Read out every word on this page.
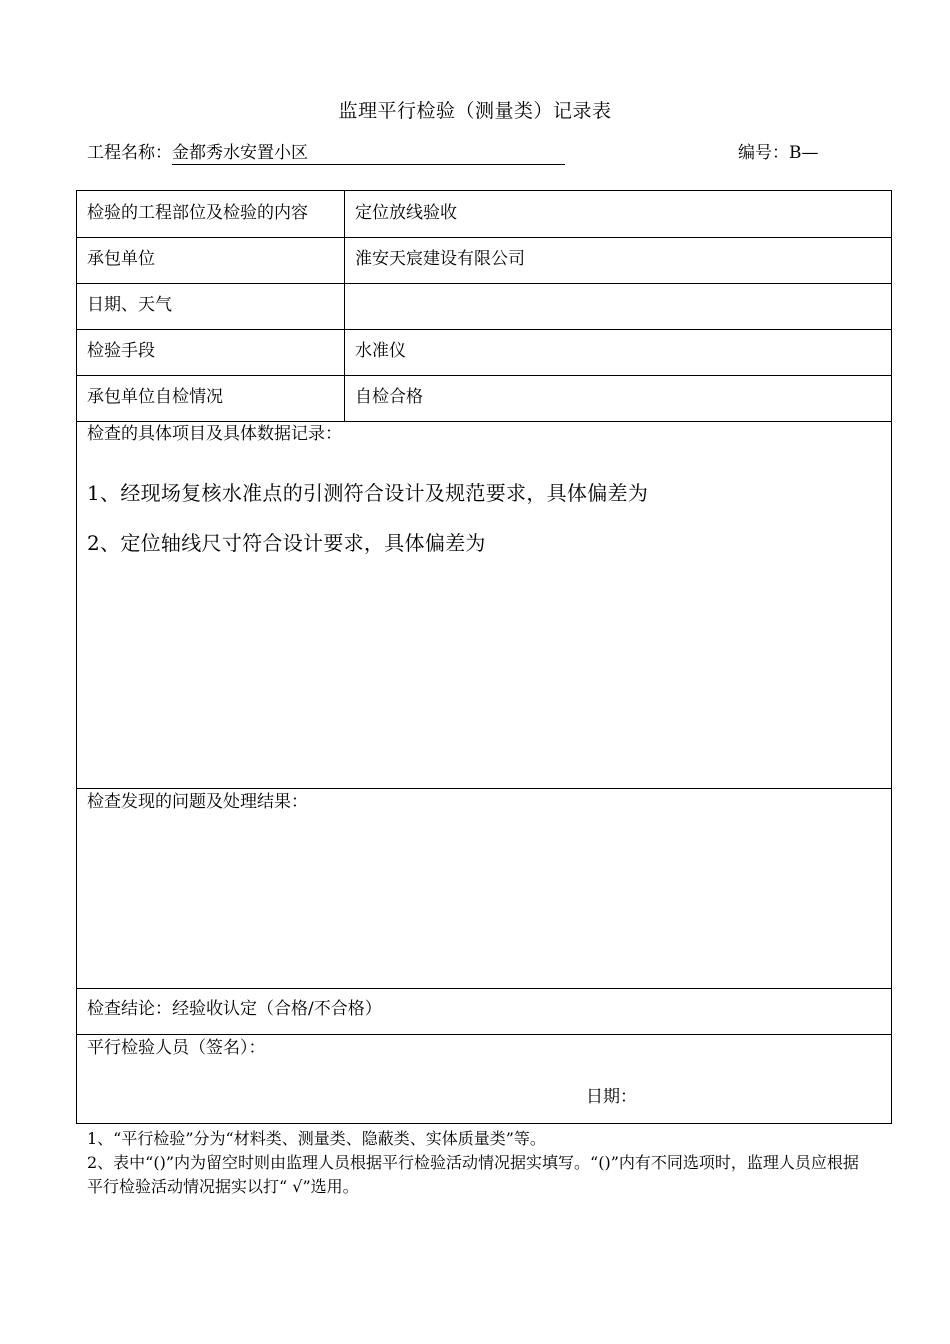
监理平行检验（测量类）记录表
工程名称：金都秀水安置小区	编号：B—
检验的工程部位及检验的内容	定位放线验收
承包单位	淮安天宸建设有限公司
日期、天气
检验手段	水准仪
承包单位自检情况	自检合格
检查的具体项目及具体数据记录：
1、经现场复核水准点的引测符合设计及规范要求，具体偏差为
2、定位轴线尺寸符合设计要求，具体偏差为
检查发现的问题及处理结果：
检查结论：经验收认定（合格/不合格）
平行检验人员（签名）：
日期：
1、“平行检验”分为“材料类、测量类、隐蔽类、实体质量类”等。
2、表中“()”内为留空时则由监理人员根据平行检验活动情况据实填写。“()”内有不同选项时，监理人员应根据平行检验活动情况据实以打“ √”选用。
